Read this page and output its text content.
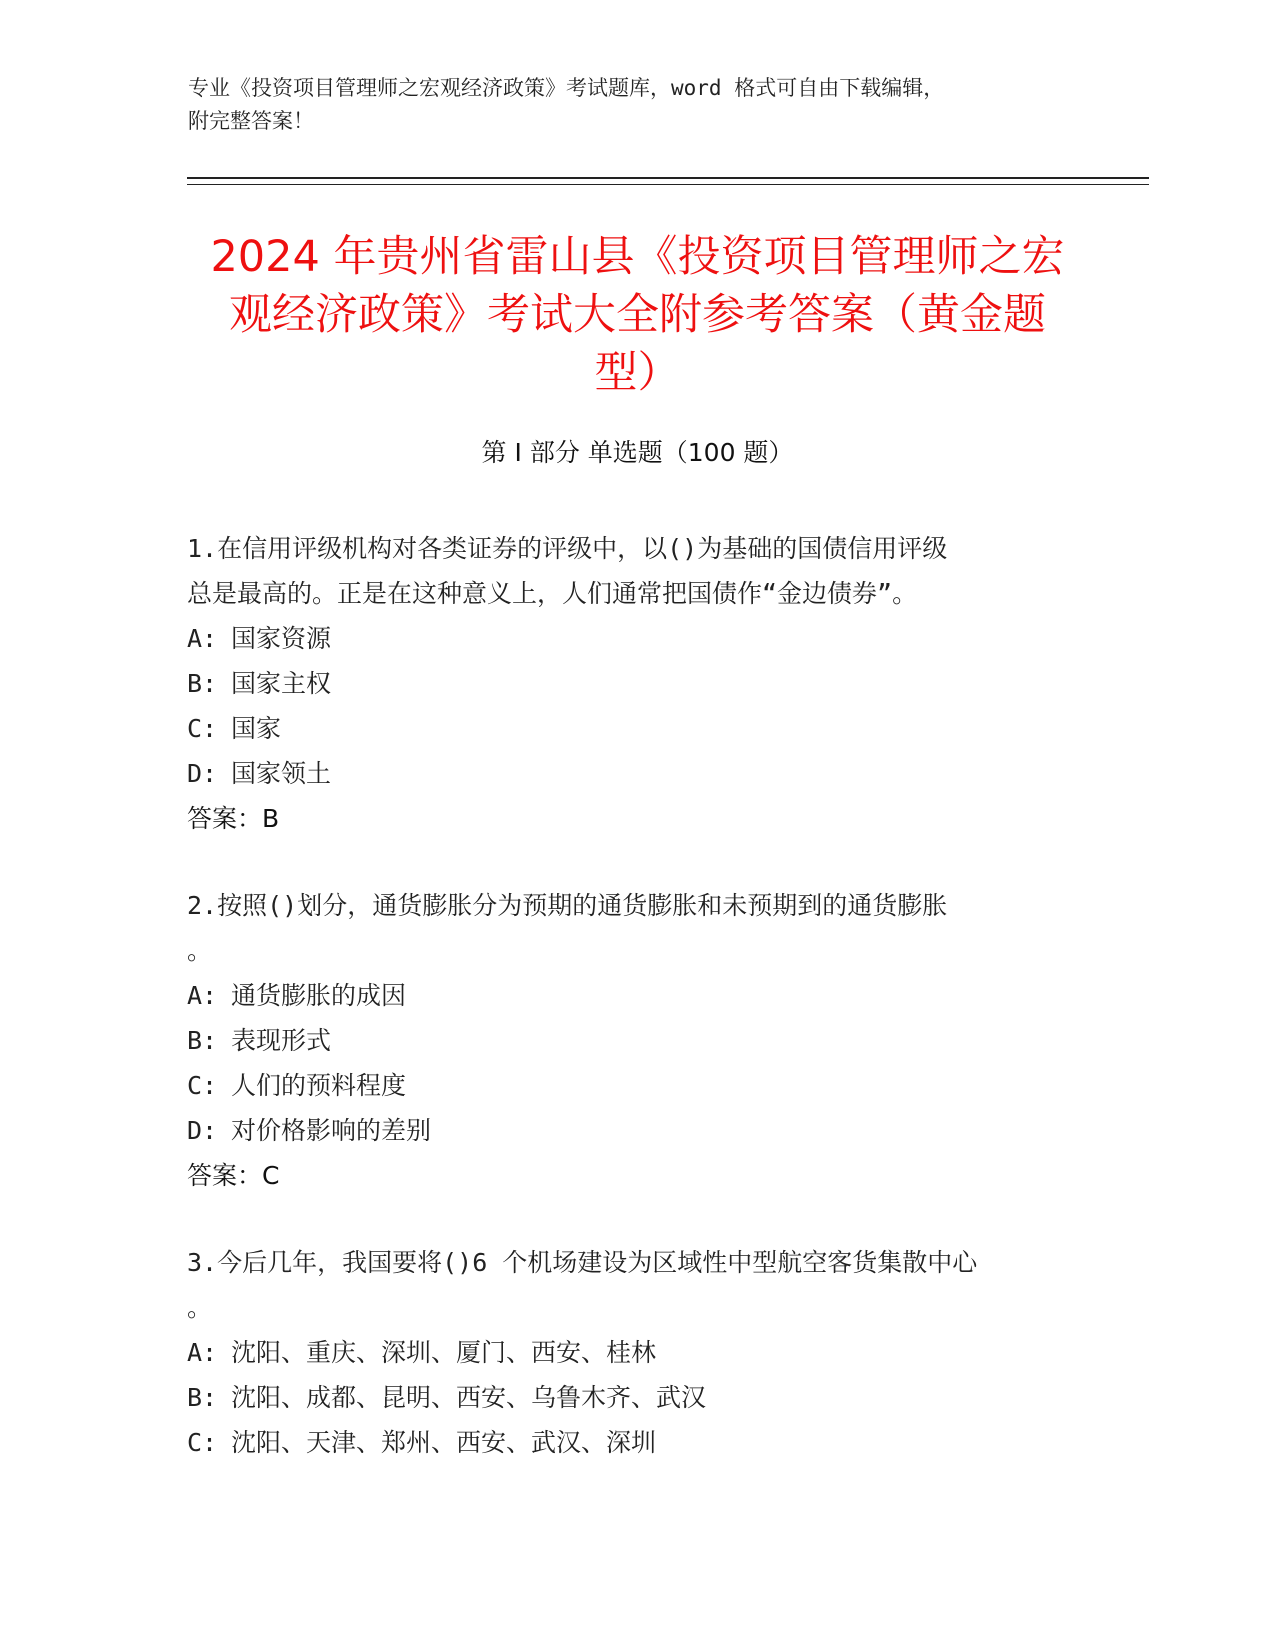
专业《投资项目管理师之宏观经济政策》考试题库，word 格式可自由下载编辑，
附完整答案！
2024 年贵州省雷山县《投资项目管理师之宏
观经济政策》考试大全附参考答案（黄金题
型）
第 I 部分 单选题（100 题）
1.在信用评级机构对各类证券的评级中，以()为基础的国债信用评级
总是最高的。正是在这种意义上，人们通常把国债作“金边债券”。
A: 国家资源
B: 国家主权
C: 国家
D: 国家领土
答案：B
2.按照()划分，通货膨胀分为预期的通货膨胀和未预期到的通货膨胀
。
A: 通货膨胀的成因
B: 表现形式
C: 人们的预料程度
D: 对价格影响的差别
答案：C
3.今后几年，我国要将()6 个机场建设为区域性中型航空客货集散中心
。
A: 沈阳、重庆、深圳、厦门、西安、桂林
B: 沈阳、成都、昆明、西安、乌鲁木齐、武汉
C: 沈阳、天津、郑州、西安、武汉、深圳
